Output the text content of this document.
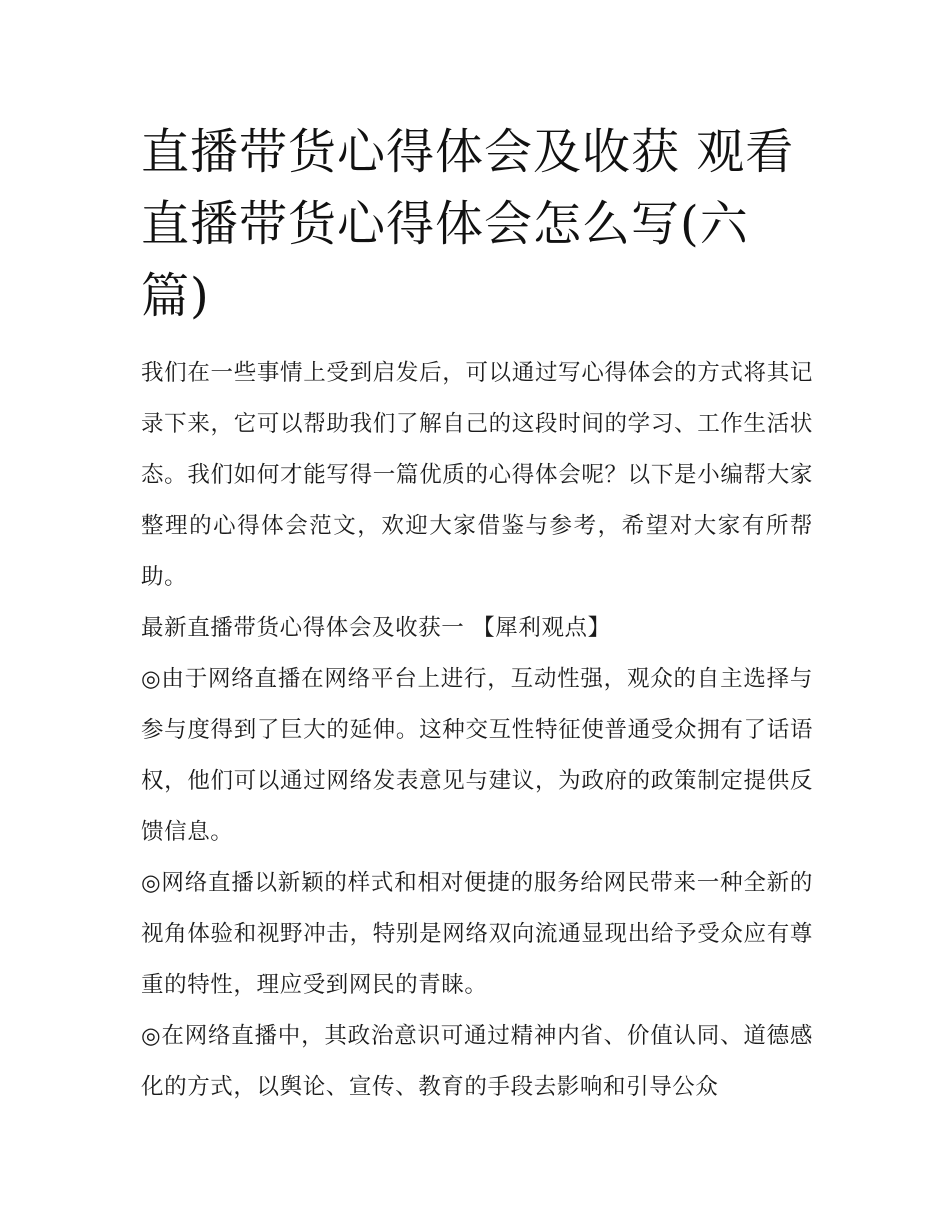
直播带货心得体会及收获 观看直播带货心得体会怎么写(六篇)

我们在一些事情上受到启发后，可以通过写心得体会的方式将其记录下来，它可以帮助我们了解自己的这段时间的学习、工作生活状态。我们如何才能写得一篇优质的心得体会呢？以下是小编帮大家整理的心得体会范文，欢迎大家借鉴与参考，希望对大家有所帮助。

最新直播带货心得体会及收获一 【犀利观点】

◎由于网络直播在网络平台上进行，互动性强，观众的自主选择与参与度得到了巨大的延伸。这种交互性特征使普通受众拥有了话语权，他们可以通过网络发表意见与建议，为政府的政策制定提供反馈信息。

◎网络直播以新颖的样式和相对便捷的服务给网民带来一种全新的视角体验和视野冲击，特别是网络双向流通显现出给予受众应有尊重的特性，理应受到网民的青睐。

◎在网络直播中，其政治意识可通过精神内省、价值认同、道德感化的方式，以舆论、宣传、教育的手段去影响和引导公众
